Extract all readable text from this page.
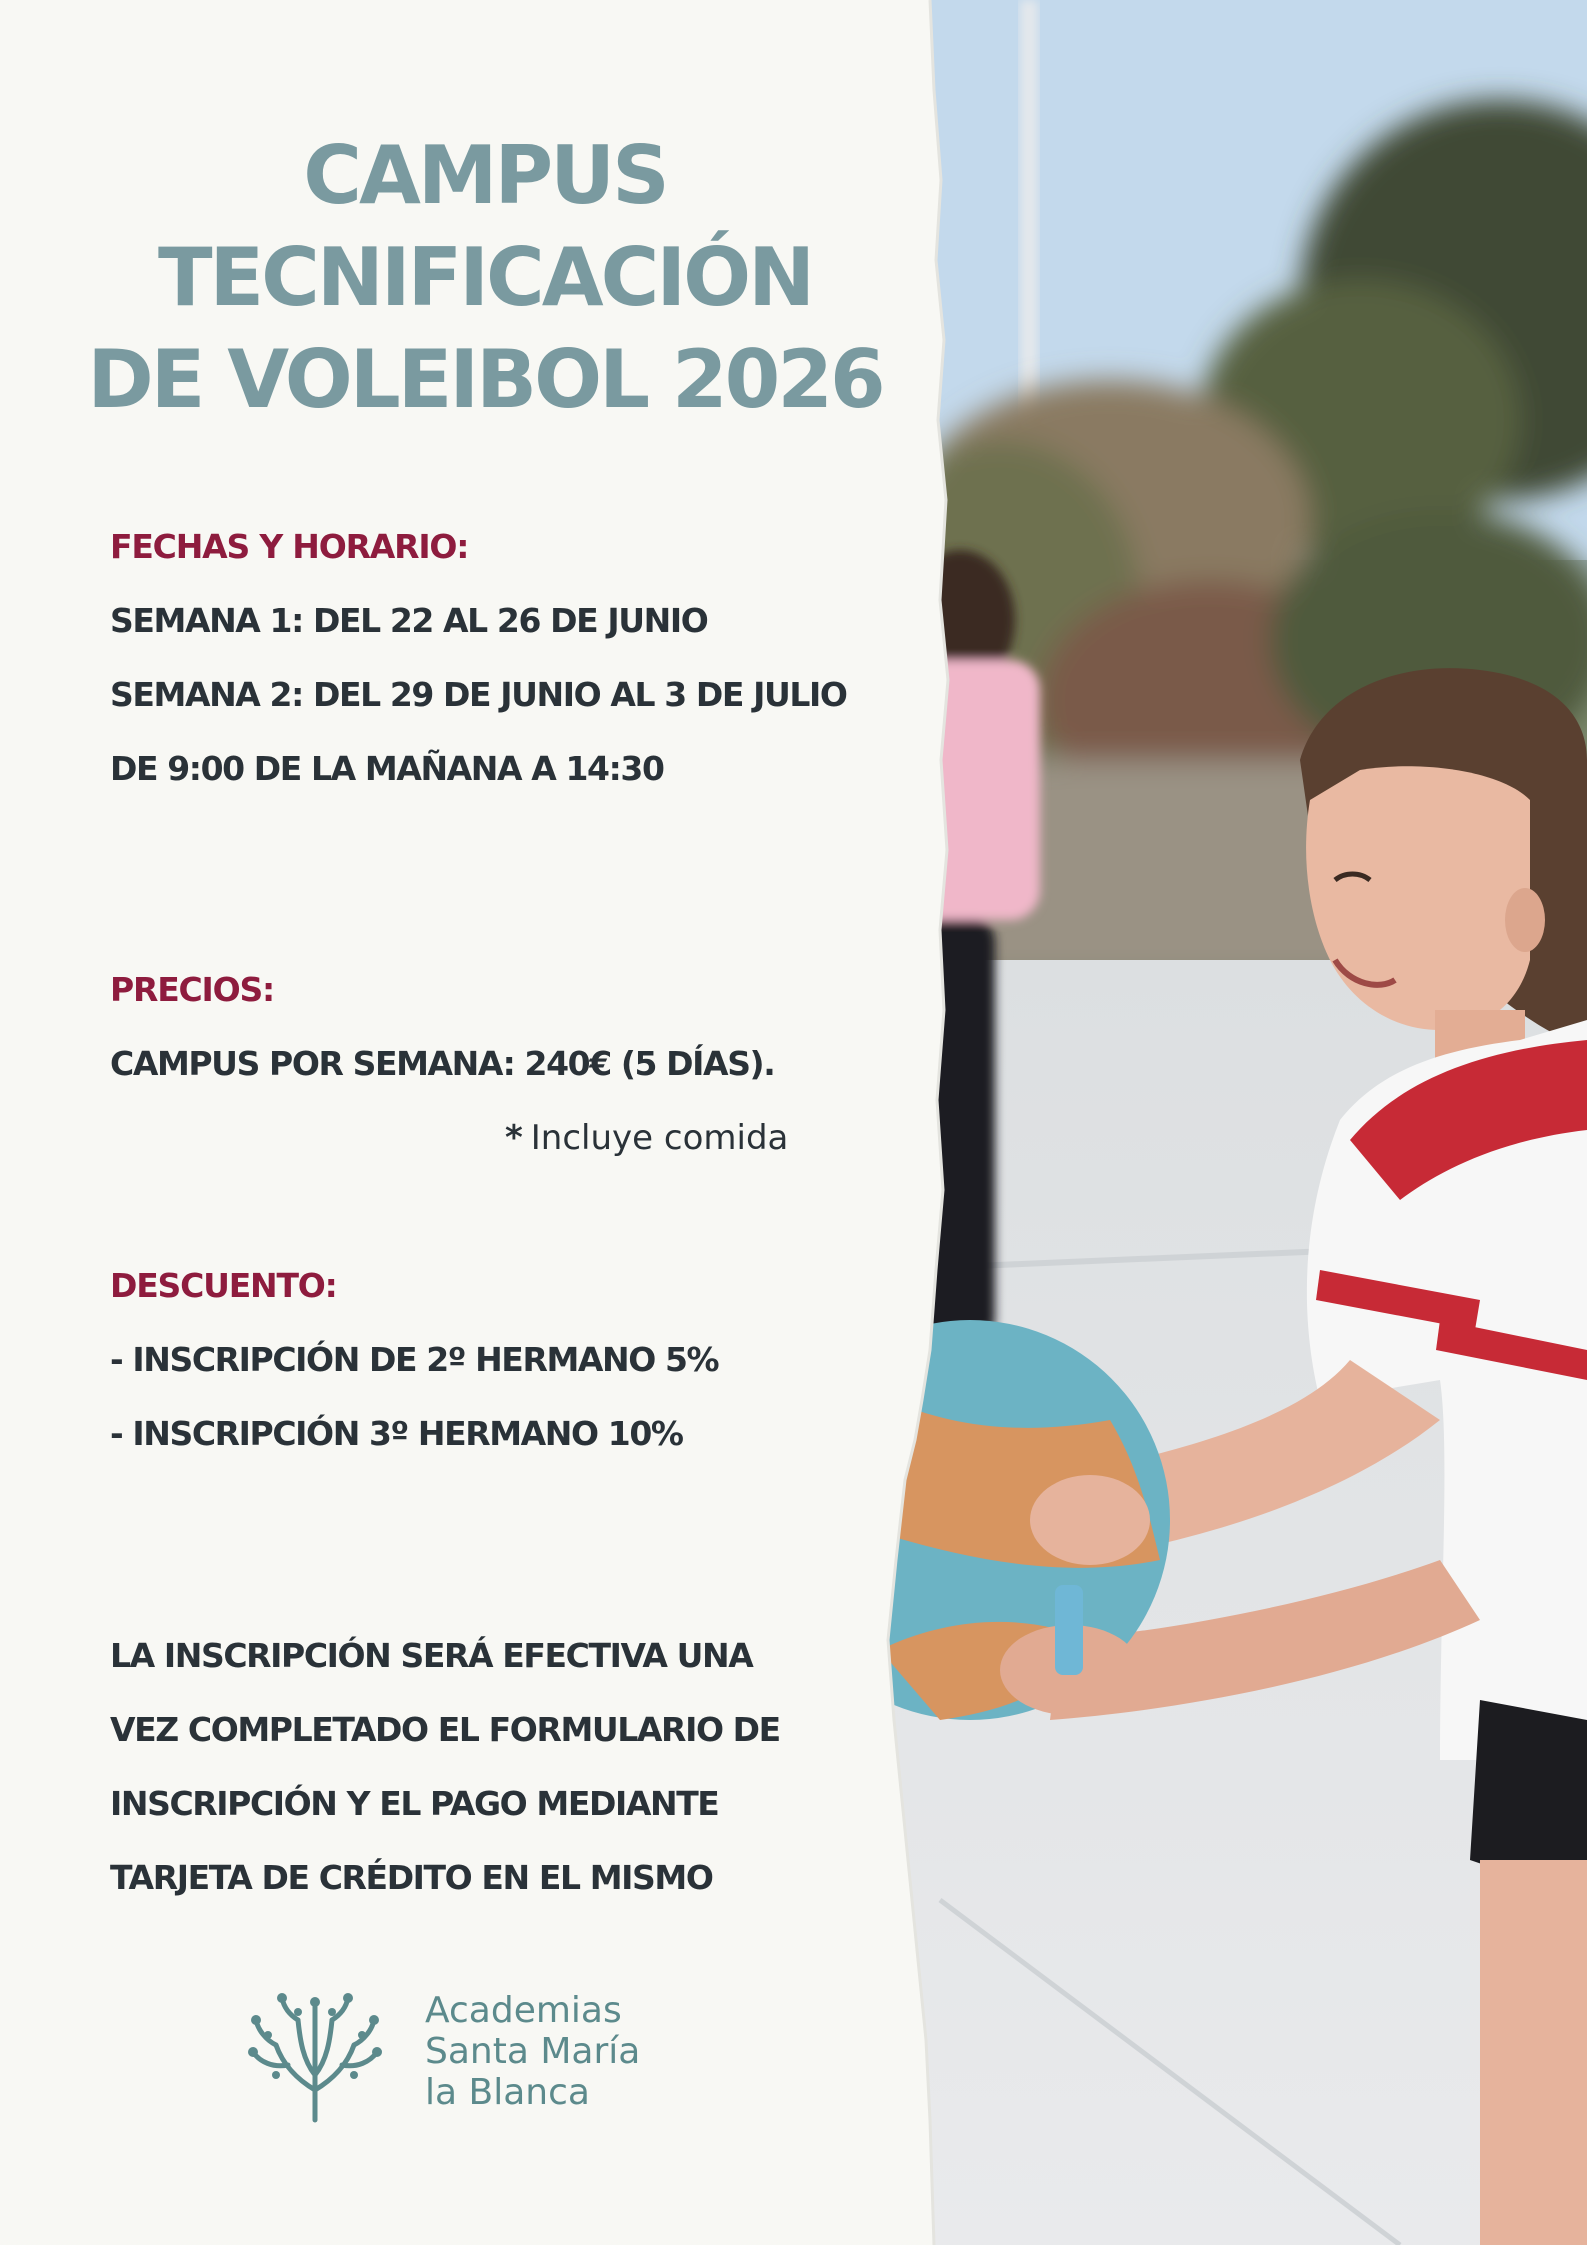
CAMPUS
TECNIFICACIÓN
DE VOLEIBOL 2026
FECHAS Y HORARIO:
SEMANA 1: DEL 22 AL 26 DE JUNIO
SEMANA 2: DEL 29 DE JUNIO AL 3 DE JULIO
DE 9:00 DE LA MAÑANA A 14:30
PRECIOS:
CAMPUS POR SEMANA: 240€ (5 DÍAS).
* Incluye comida
DESCUENTO:
- INSCRIPCIÓN DE 2º HERMANO 5%
- INSCRIPCIÓN 3º HERMANO 10%
LA INSCRIPCIÓN SERÁ EFECTIVA UNA
VEZ COMPLETADO EL FORMULARIO DE
INSCRIPCIÓN Y EL PAGO MEDIANTE
TARJETA DE CRÉDITO EN EL MISMO
Academias
Santa María
la Blanca
